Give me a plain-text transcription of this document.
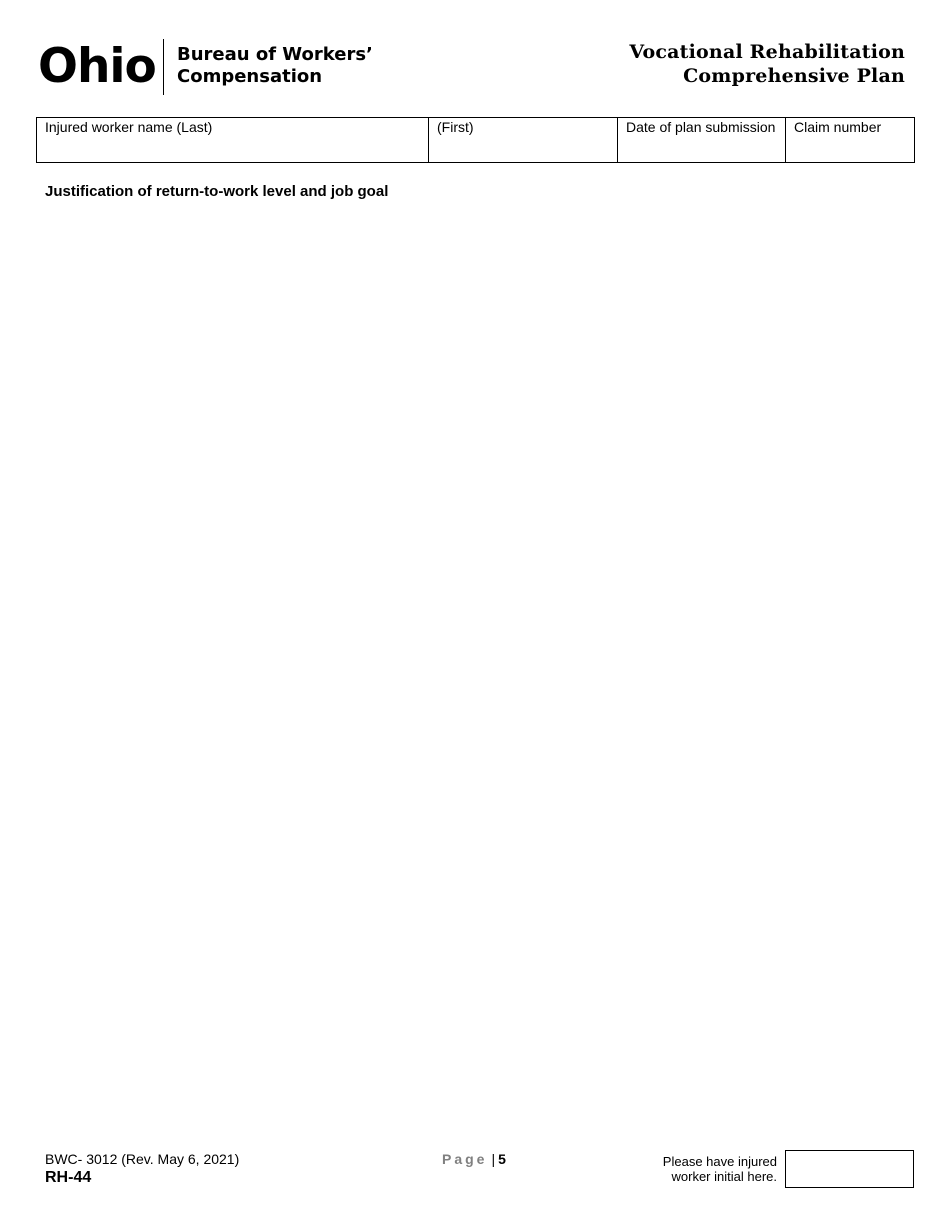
Ohio Bureau of Workers’
Compensation
Vocational Rehabilitation
Comprehensive Plan
Injured worker name (Last)	(First)	Date of plan submission	Claim number
Justification of return-to-work level and job goal
BWC- 3012 (Rev. May 6, 2021)
RH-44
Page | 5	Please have injured
worker initial here.
